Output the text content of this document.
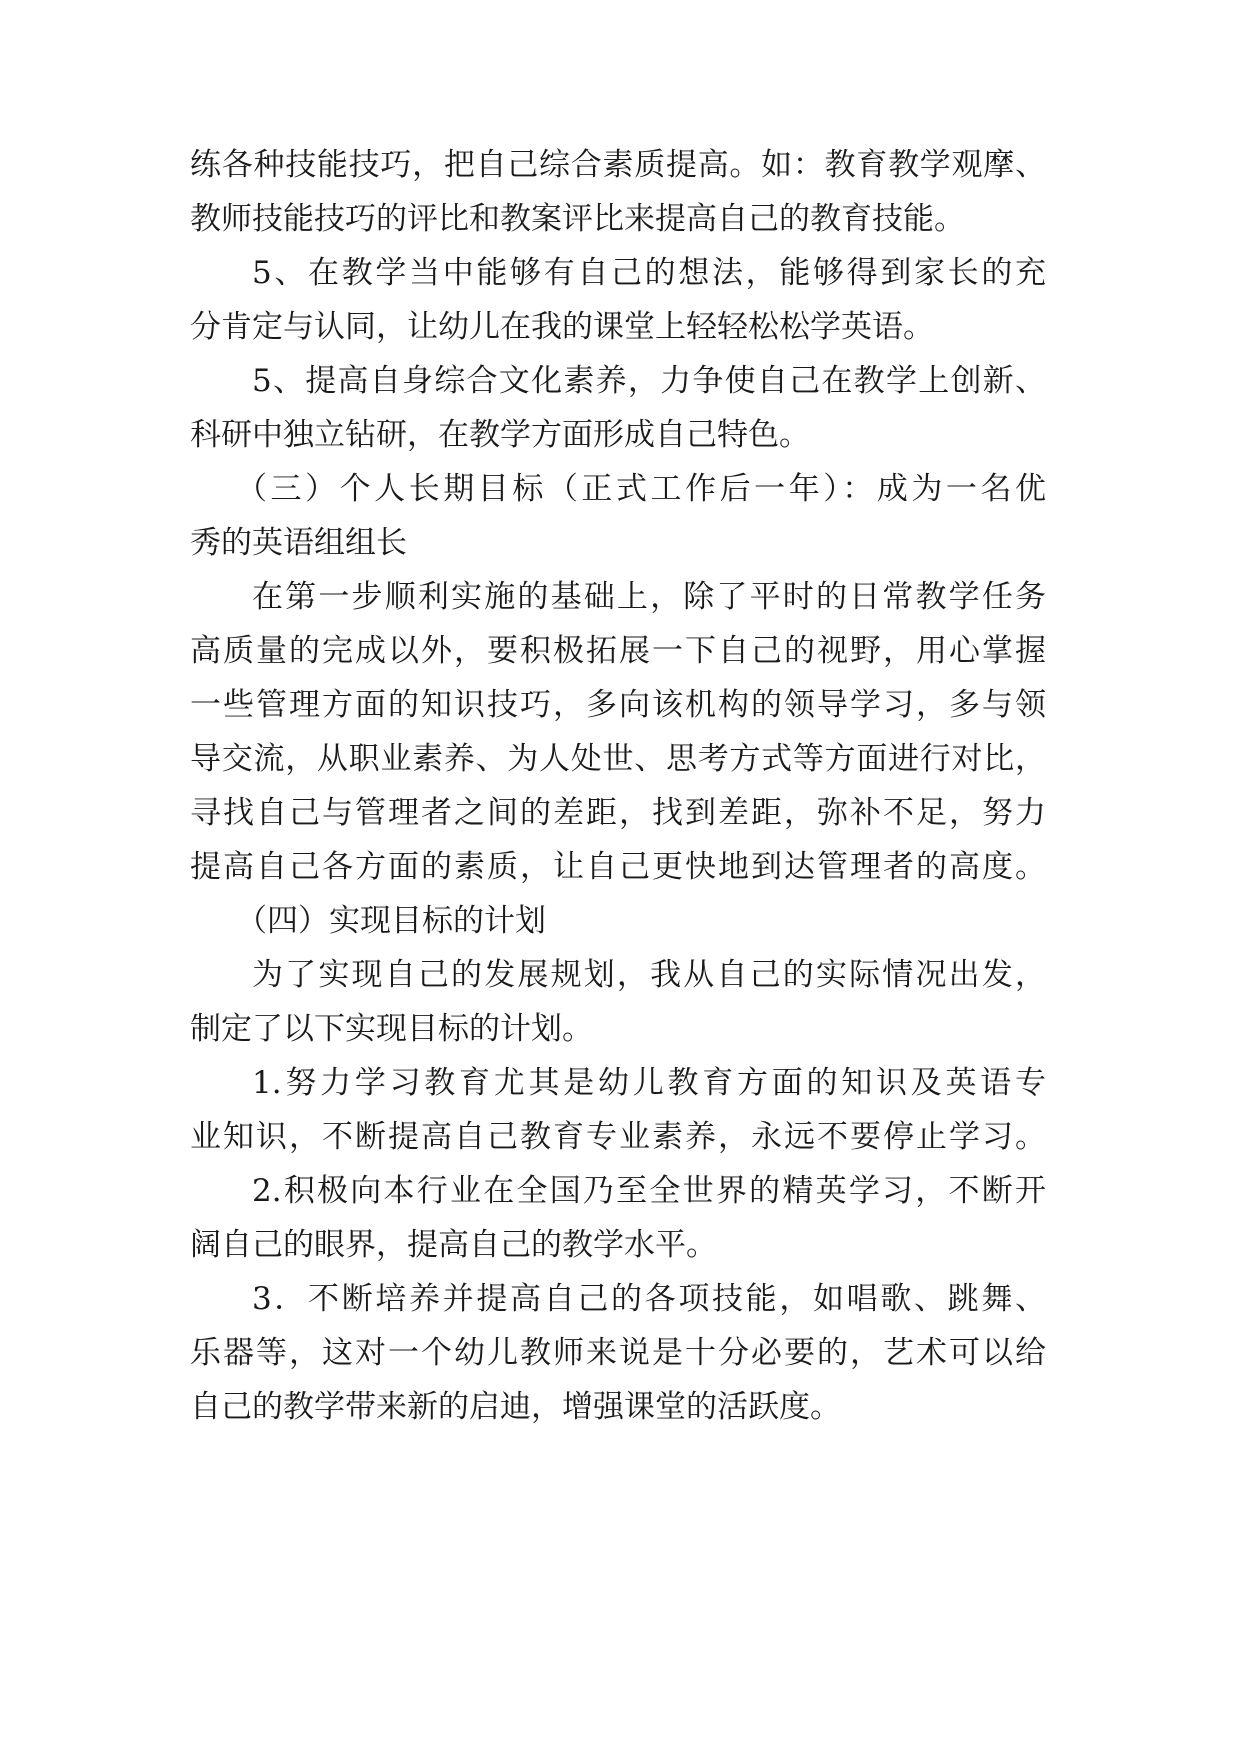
练各种技能技巧，把自己综合素质提高。如：教育教学观摩、
教师技能技巧的评比和教案评比来提高自己的教育技能。
5、在教学当中能够有自己的想法，能够得到家长的充
分肯定与认同，让幼儿在我的课堂上轻轻松松学英语。
5、提高自身综合文化素养，力争使自己在教学上创新、
科研中独立钻研，在教学方面形成自己特色。
（三）个人长期目标（正式工作后一年）：成为一名优
秀的英语组组长
在第一步顺利实施的基础上，除了平时的日常教学任务
高质量的完成以外，要积极拓展一下自己的视野，用心掌握
一些管理方面的知识技巧，多向该机构的领导学习，多与领
导交流，从职业素养、为人处世、思考方式等方面进行对比，
寻找自己与管理者之间的差距，找到差距，弥补不足，努力
提高自己各方面的素质，让自己更快地到达管理者的高度。
（四）实现目标的计划
为了实现自己的发展规划，我从自己的实际情况出发，
制定了以下实现目标的计划。
1.努力学习教育尤其是幼儿教育方面的知识及英语专
业知识，不断提高自己教育专业素养，永远不要停止学习。
2.积极向本行业在全国乃至全世界的精英学习，不断开
阔自己的眼界，提高自己的教学水平。
3．不断培养并提高自己的各项技能，如唱歌、跳舞、
乐器等，这对一个幼儿教师来说是十分必要的，艺术可以给
自己的教学带来新的启迪，增强课堂的活跃度。
